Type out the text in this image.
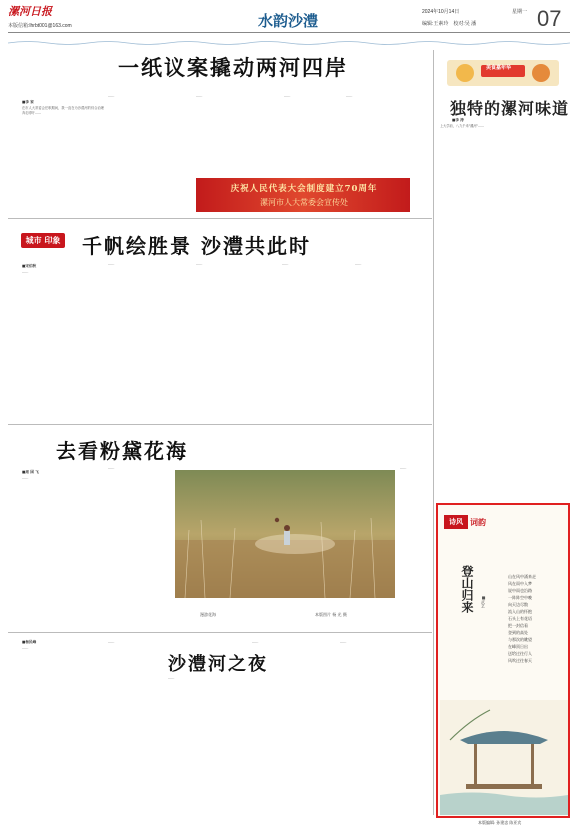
漯河日报
本版信箱:lhrbt001@163.com	水韵沙澧	2024年10月14日	星期一
编辑:王素玲　校对:吴 潘	07
一纸议案撬动两河四岸
■李 家
在市人大常委会任职期间，我一直在为沙澧河的综合治理奔走呼吁……
……	……	……	……
庆祝人民代表大会制度建立70周年
漯河市人大常委会宣传处
美食嘉年华
独特的漯河味道
■李 涛
上大学前，八九千米"漯河"……
城市 印象 千帆绘胜景 沙澧共此时
■宋伯秋
……
……	……	……	……
去看粉黛花海
■周 国 飞
……
……
漫游花海	本版图片 杨 光 摄
……
■杨民峰
……
……
沙澧河之夜
……
……	……
诗风 词韵
登山归来	■武艺
山在风中涌来走
风在雨中入梦
说中雨也沿路
一阵阵空中晚
向天边尽散
流入山的怀抱
石头上有花语
把一封信看
登到的高处
与那次的眺望
在峰顶日出
送给过往行人
风吹过往春天
本版编辑: 孙建忠 陈亚宾
